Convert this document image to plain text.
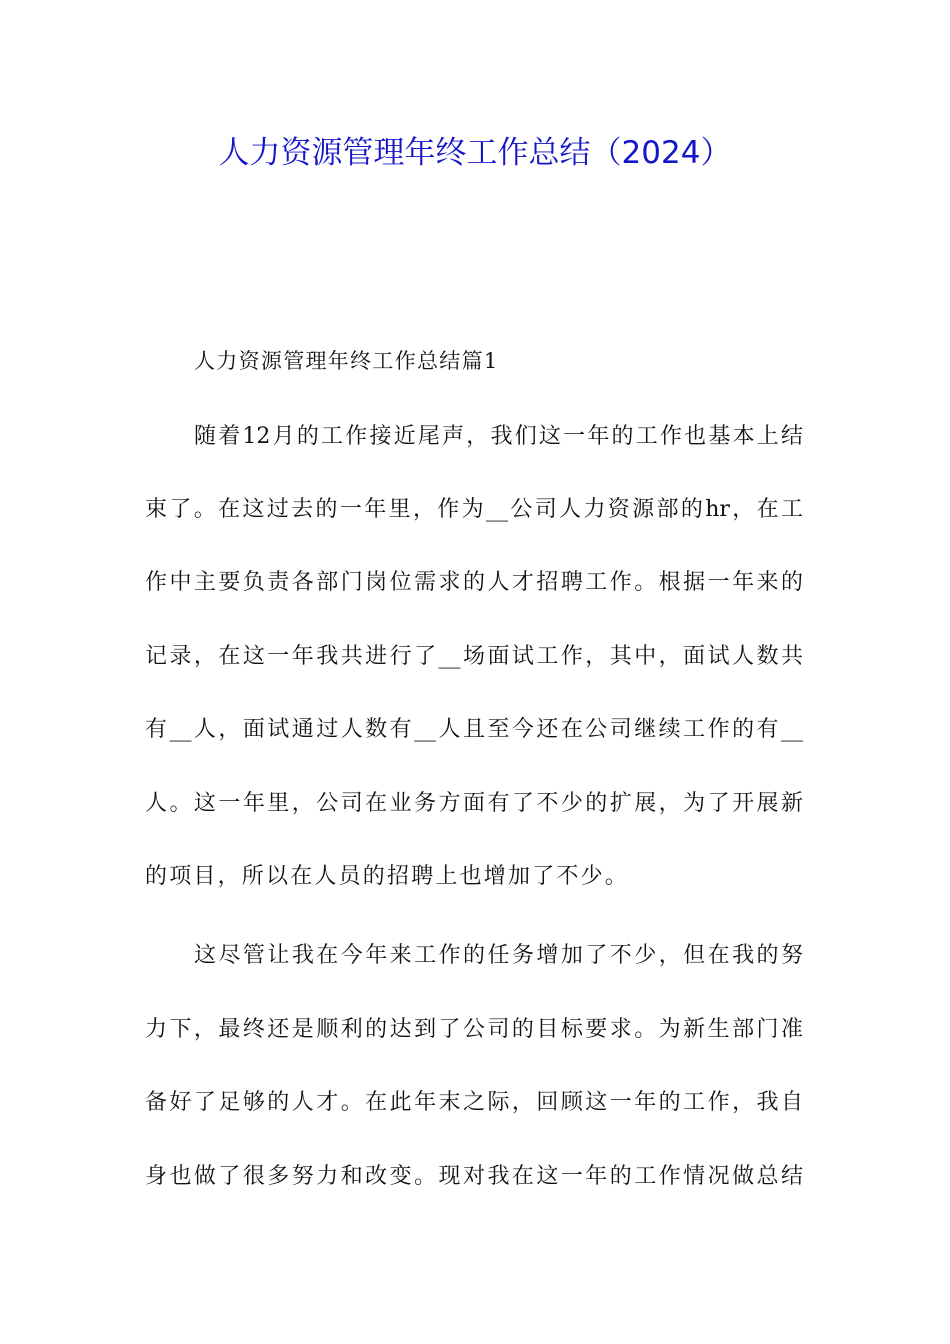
人力资源管理年终工作总结（2024）

人力资源管理年终工作总结篇1

随着12月的工作接近尾声，我们这一年的工作也基本上结

束了。在这过去的一年里，作为__公司人力资源部的hr，在工

作中主要负责各部门岗位需求的人才招聘工作。根据一年来的

记录，在这一年我共进行了__场面试工作，其中，面试人数共

有__人，面试通过人数有__人且至今还在公司继续工作的有__

人。这一年里，公司在业务方面有了不少的扩展，为了开展新

的项目，所以在人员的招聘上也增加了不少。

这尽管让我在今年来工作的任务增加了不少，但在我的努

力下，最终还是顺利的达到了公司的目标要求。为新生部门准

备好了足够的人才。在此年末之际，回顾这一年的工作，我自

身也做了很多努力和改变。现对我在这一年的工作情况做总结
